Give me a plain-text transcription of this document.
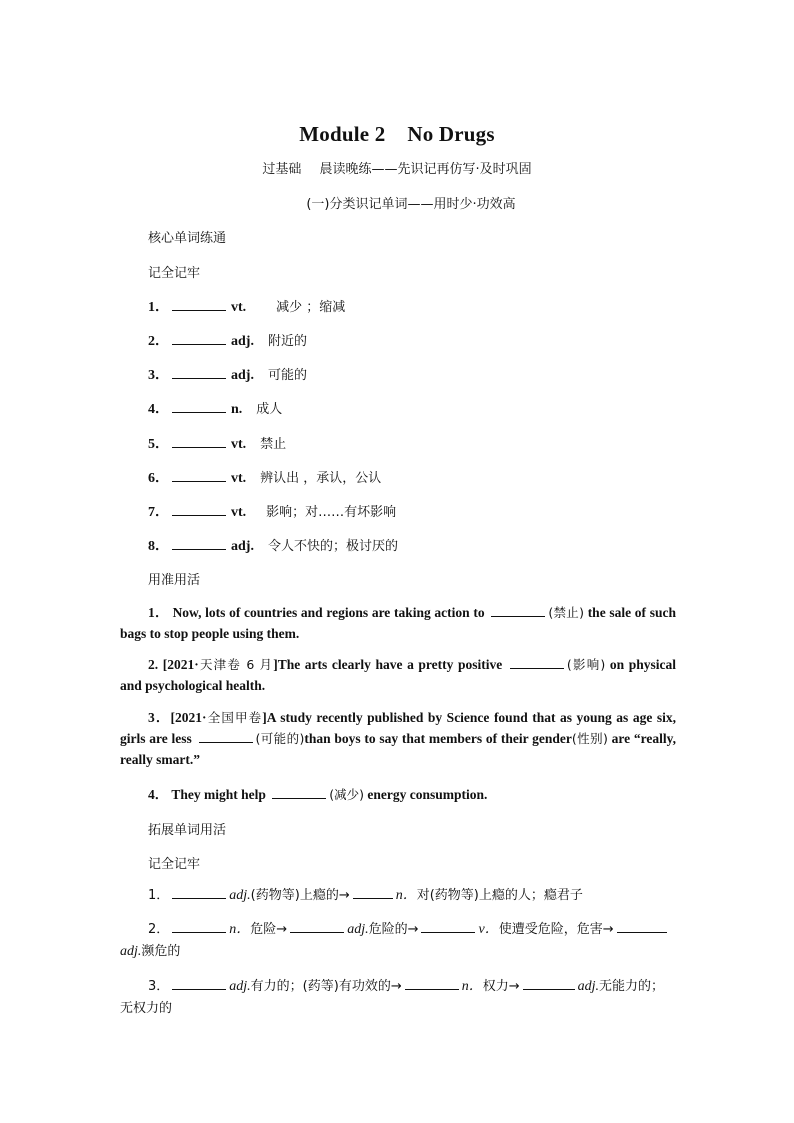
Module 2 No Drugs
过基础 晨读晚练——先识记再仿写·及时巩固
(一)分类识记单词——用时少·功效高
核心单词练通
记全记牢
1．	vt. 减少 ；缩减
2．	adj. 附近的
3．	adj. 可能的
4．	n. 成人
5．	vt. 禁止
6．	vt. 辨认出 ，承认，公认
7．	vt. 影响；对……有坏影响
8．	adj. 令人不快的；极讨厌的
用准用活
1． Now, lots of countries and regions are taking action to	(禁止) the sale of such bags to stop people using them.
2. [2021·天津卷 6 月]The arts clearly have a pretty positive	(影响) on physical and psychological health.
3．[2021·全国甲卷]A study recently published by Science found that as young as age six, girls are less	(可能的)than boys to say that members of their gender(性别) are “really, really smart.”
4． They might help	(减少) energy consumption.
拓展单词用活
记全记牢
1．	adj.(药物等)上瘾的→	n．对(药物等)上瘾的人；瘾君子
2．	n．危险→	adj.危险的→	v．使遭受危险，危害→
adj.濒危的
3．	adj.有力的；(药等)有功效的→	n．权力→	adj.无能力的；无权力的
